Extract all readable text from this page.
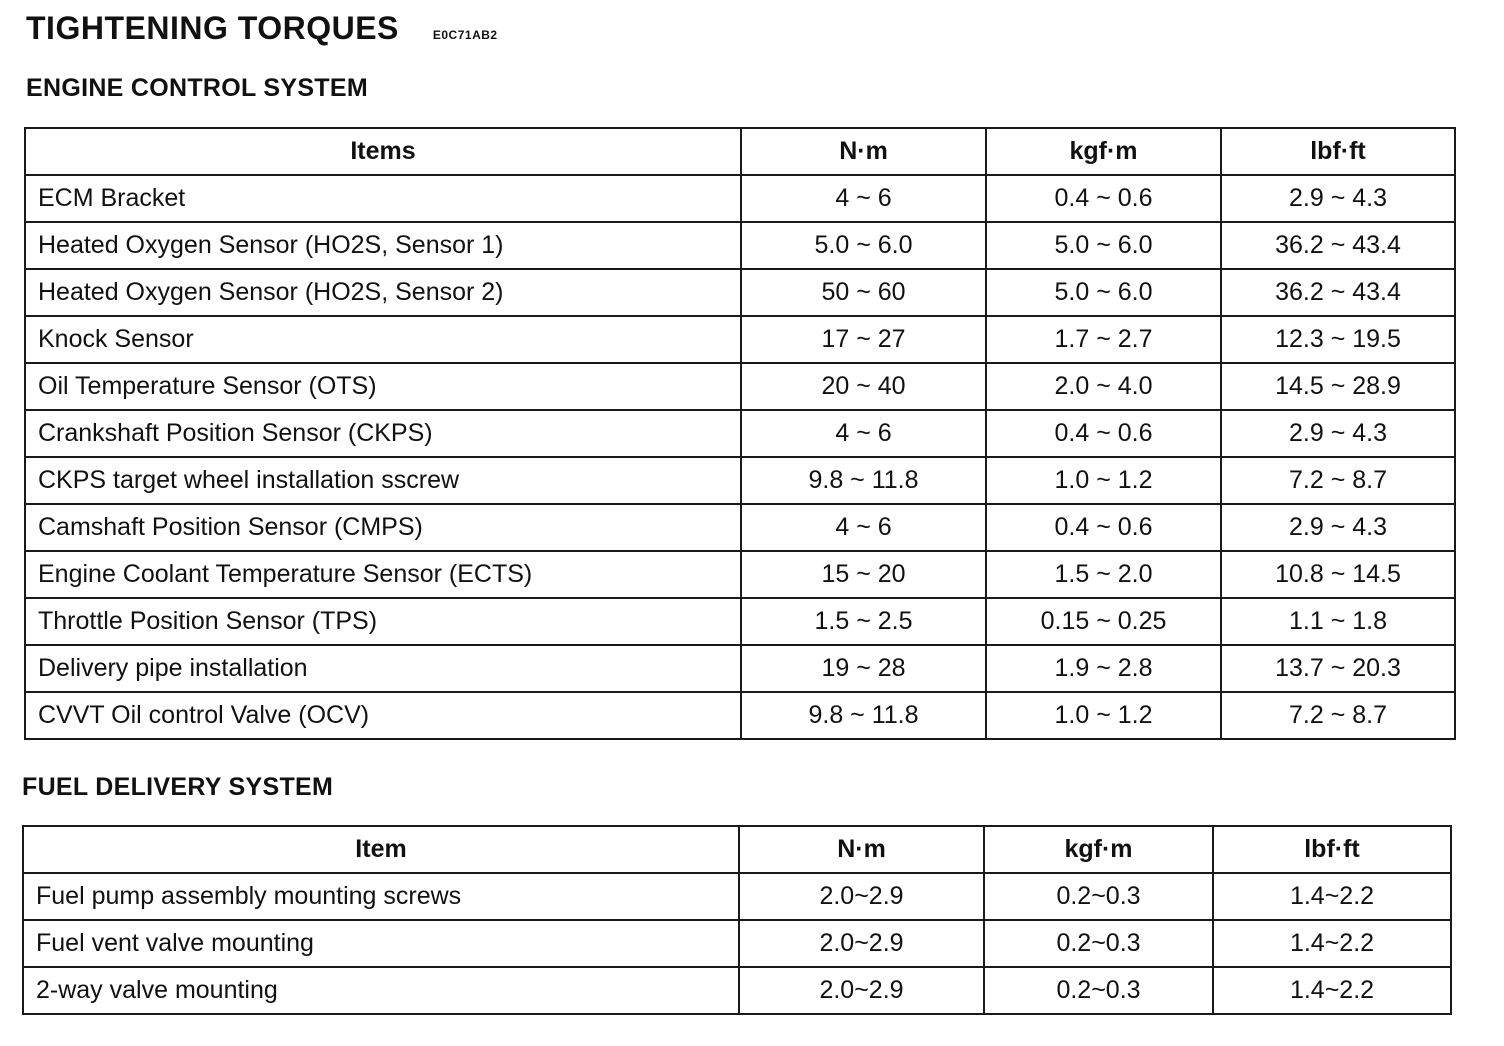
TIGHTENING TORQUES	E0C71AB2
ENGINE CONTROL SYSTEM
Items	N·m	kgf·m	lbf·ft
ECM Bracket	4 ~ 6	0.4 ~ 0.6	2.9 ~ 4.3
Heated Oxygen Sensor (HO2S, Sensor 1)	5.0 ~ 6.0	5.0 ~ 6.0	36.2 ~ 43.4
Heated Oxygen Sensor (HO2S, Sensor 2)	50 ~ 60	5.0 ~ 6.0	36.2 ~ 43.4
Knock Sensor	17 ~ 27	1.7 ~ 2.7	12.3 ~ 19.5
Oil Temperature Sensor (OTS)	20 ~ 40	2.0 ~ 4.0	14.5 ~ 28.9
Crankshaft Position Sensor (CKPS)	4 ~ 6	0.4 ~ 0.6	2.9 ~ 4.3
CKPS target wheel installation sscrew	9.8 ~ 11.8	1.0 ~ 1.2	7.2 ~ 8.7
Camshaft Position Sensor (CMPS)	4 ~ 6	0.4 ~ 0.6	2.9 ~ 4.3
Engine Coolant Temperature Sensor (ECTS)	15 ~ 20	1.5 ~ 2.0	10.8 ~ 14.5
Throttle Position Sensor (TPS)	1.5 ~ 2.5	0.15 ~ 0.25	1.1 ~ 1.8
Delivery pipe installation	19 ~ 28	1.9 ~ 2.8	13.7 ~ 20.3
CVVT Oil control Valve (OCV)	9.8 ~ 11.8	1.0 ~ 1.2	7.2 ~ 8.7
FUEL DELIVERY SYSTEM
Item	N·m	kgf·m	lbf·ft
Fuel pump assembly mounting screws	2.0~2.9	0.2~0.3	1.4~2.2
Fuel vent valve mounting	2.0~2.9	0.2~0.3	1.4~2.2
2-way valve mounting	2.0~2.9	0.2~0.3	1.4~2.2
